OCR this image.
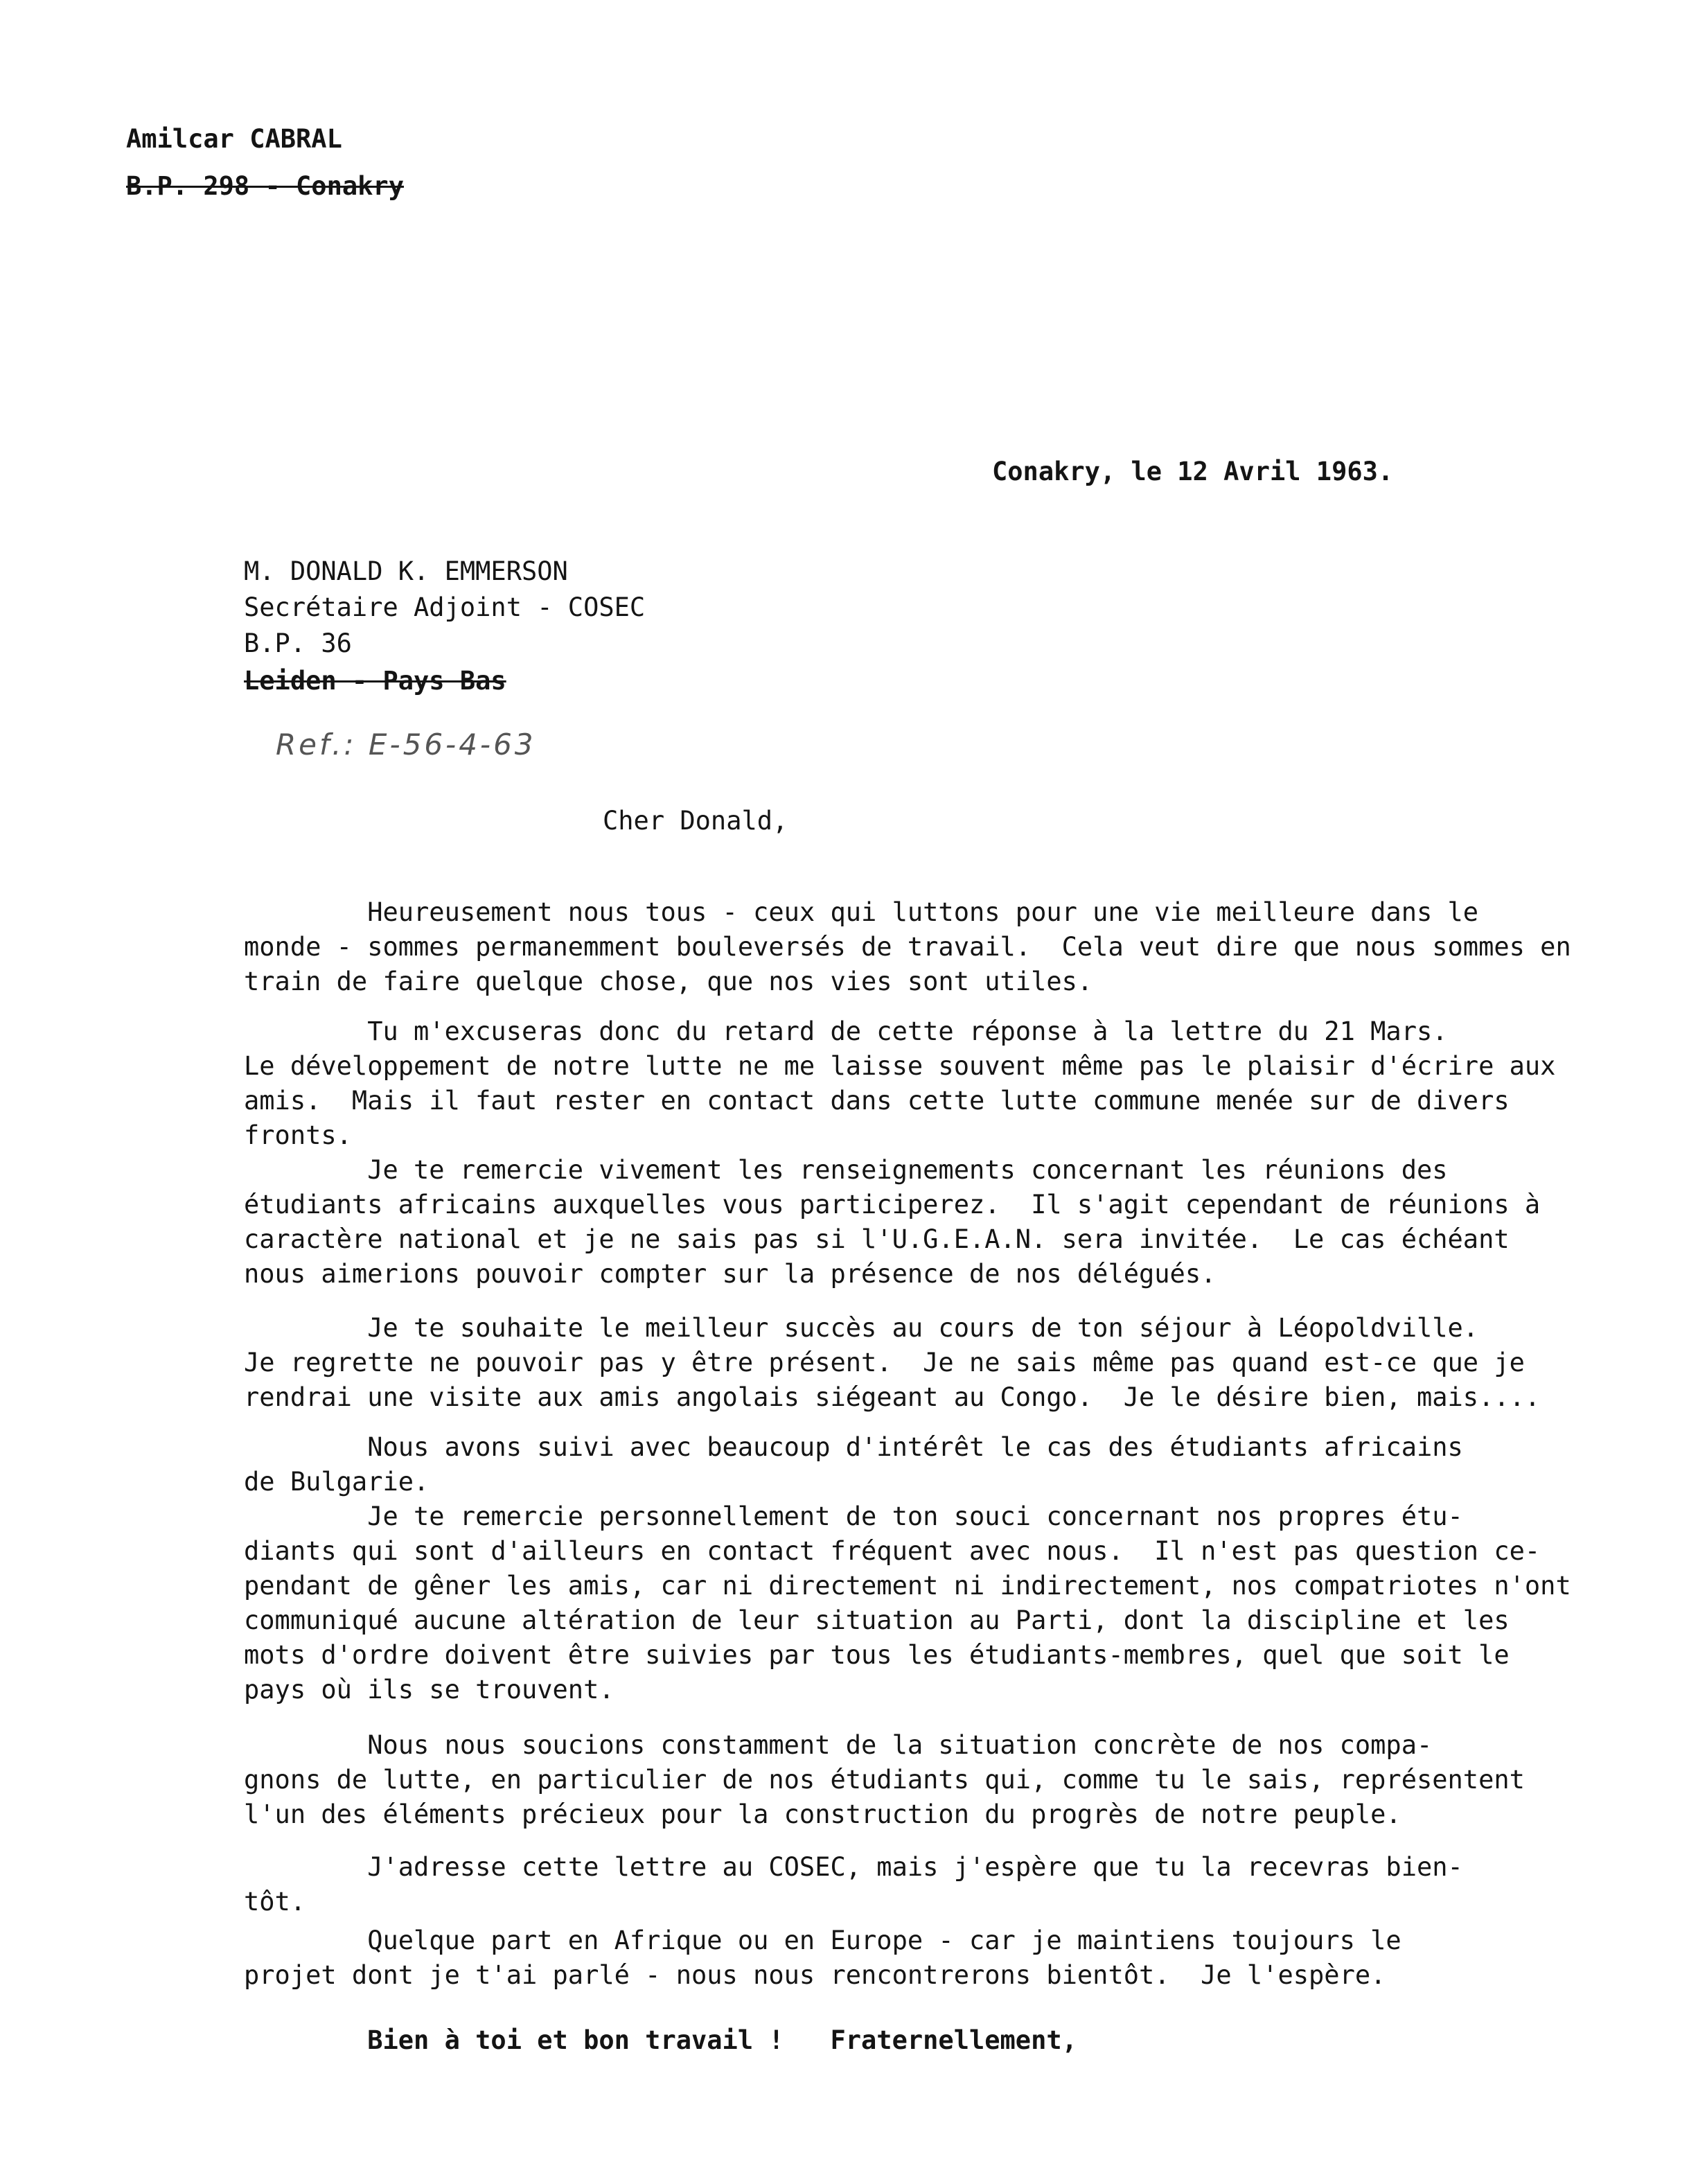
Amilcar CABRAL
B.P. 298 - Conakry
Conakry, le 12 Avril 1963.
M. DONALD K. EMMERSON
Secrétaire Adjoint - COSEC
B.P. 36
Leiden - Pays Bas
Ref.: E-56-4-63
Cher Donald,
Heureusement nous tous - ceux qui luttons pour une vie meilleure dans le
monde - sommes permanemment bouleversés de travail.  Cela veut dire que nous sommes en
train de faire quelque chose, que nos vies sont utiles.
Tu m'excuseras donc du retard de cette réponse à la lettre du 21 Mars.
Le développement de notre lutte ne me laisse souvent même pas le plaisir d'écrire aux
amis.  Mais il faut rester en contact dans cette lutte commune menée sur de divers
fronts.
Je te remercie vivement les renseignements concernant les réunions des
étudiants africains auxquelles vous participerez.  Il s'agit cependant de réunions à
caractère national et je ne sais pas si l'U.G.E.A.N. sera invitée.  Le cas échéant
nous aimerions pouvoir compter sur la présence de nos délégués.
Je te souhaite le meilleur succès au cours de ton séjour à Léopoldville.
Je regrette ne pouvoir pas y être présent.  Je ne sais même pas quand est-ce que je
rendrai une visite aux amis angolais siégeant au Congo.  Je le désire bien, mais....
Nous avons suivi avec beaucoup d'intérêt le cas des étudiants africains
de Bulgarie.
Je te remercie personnellement de ton souci concernant nos propres étu-
diants qui sont d'ailleurs en contact fréquent avec nous.  Il n'est pas question ce-
pendant de gêner les amis, car ni directement ni indirectement, nos compatriotes n'ont
communiqué aucune altération de leur situation au Parti, dont la discipline et les
mots d'ordre doivent être suivies par tous les étudiants-membres, quel que soit le
pays où ils se trouvent.
Nous nous soucions constamment de la situation concrète de nos compa-
gnons de lutte, en particulier de nos étudiants qui, comme tu le sais, représentent
l'un des éléments précieux pour la construction du progrès de notre peuple.
J'adresse cette lettre au COSEC, mais j'espère que tu la recevras bien-
tôt.
Quelque part en Afrique ou en Europe - car je maintiens toujours le
projet dont je t'ai parlé - nous nous rencontrerons bientôt.  Je l'espère.
Bien à toi et bon travail !   Fraternellement,
